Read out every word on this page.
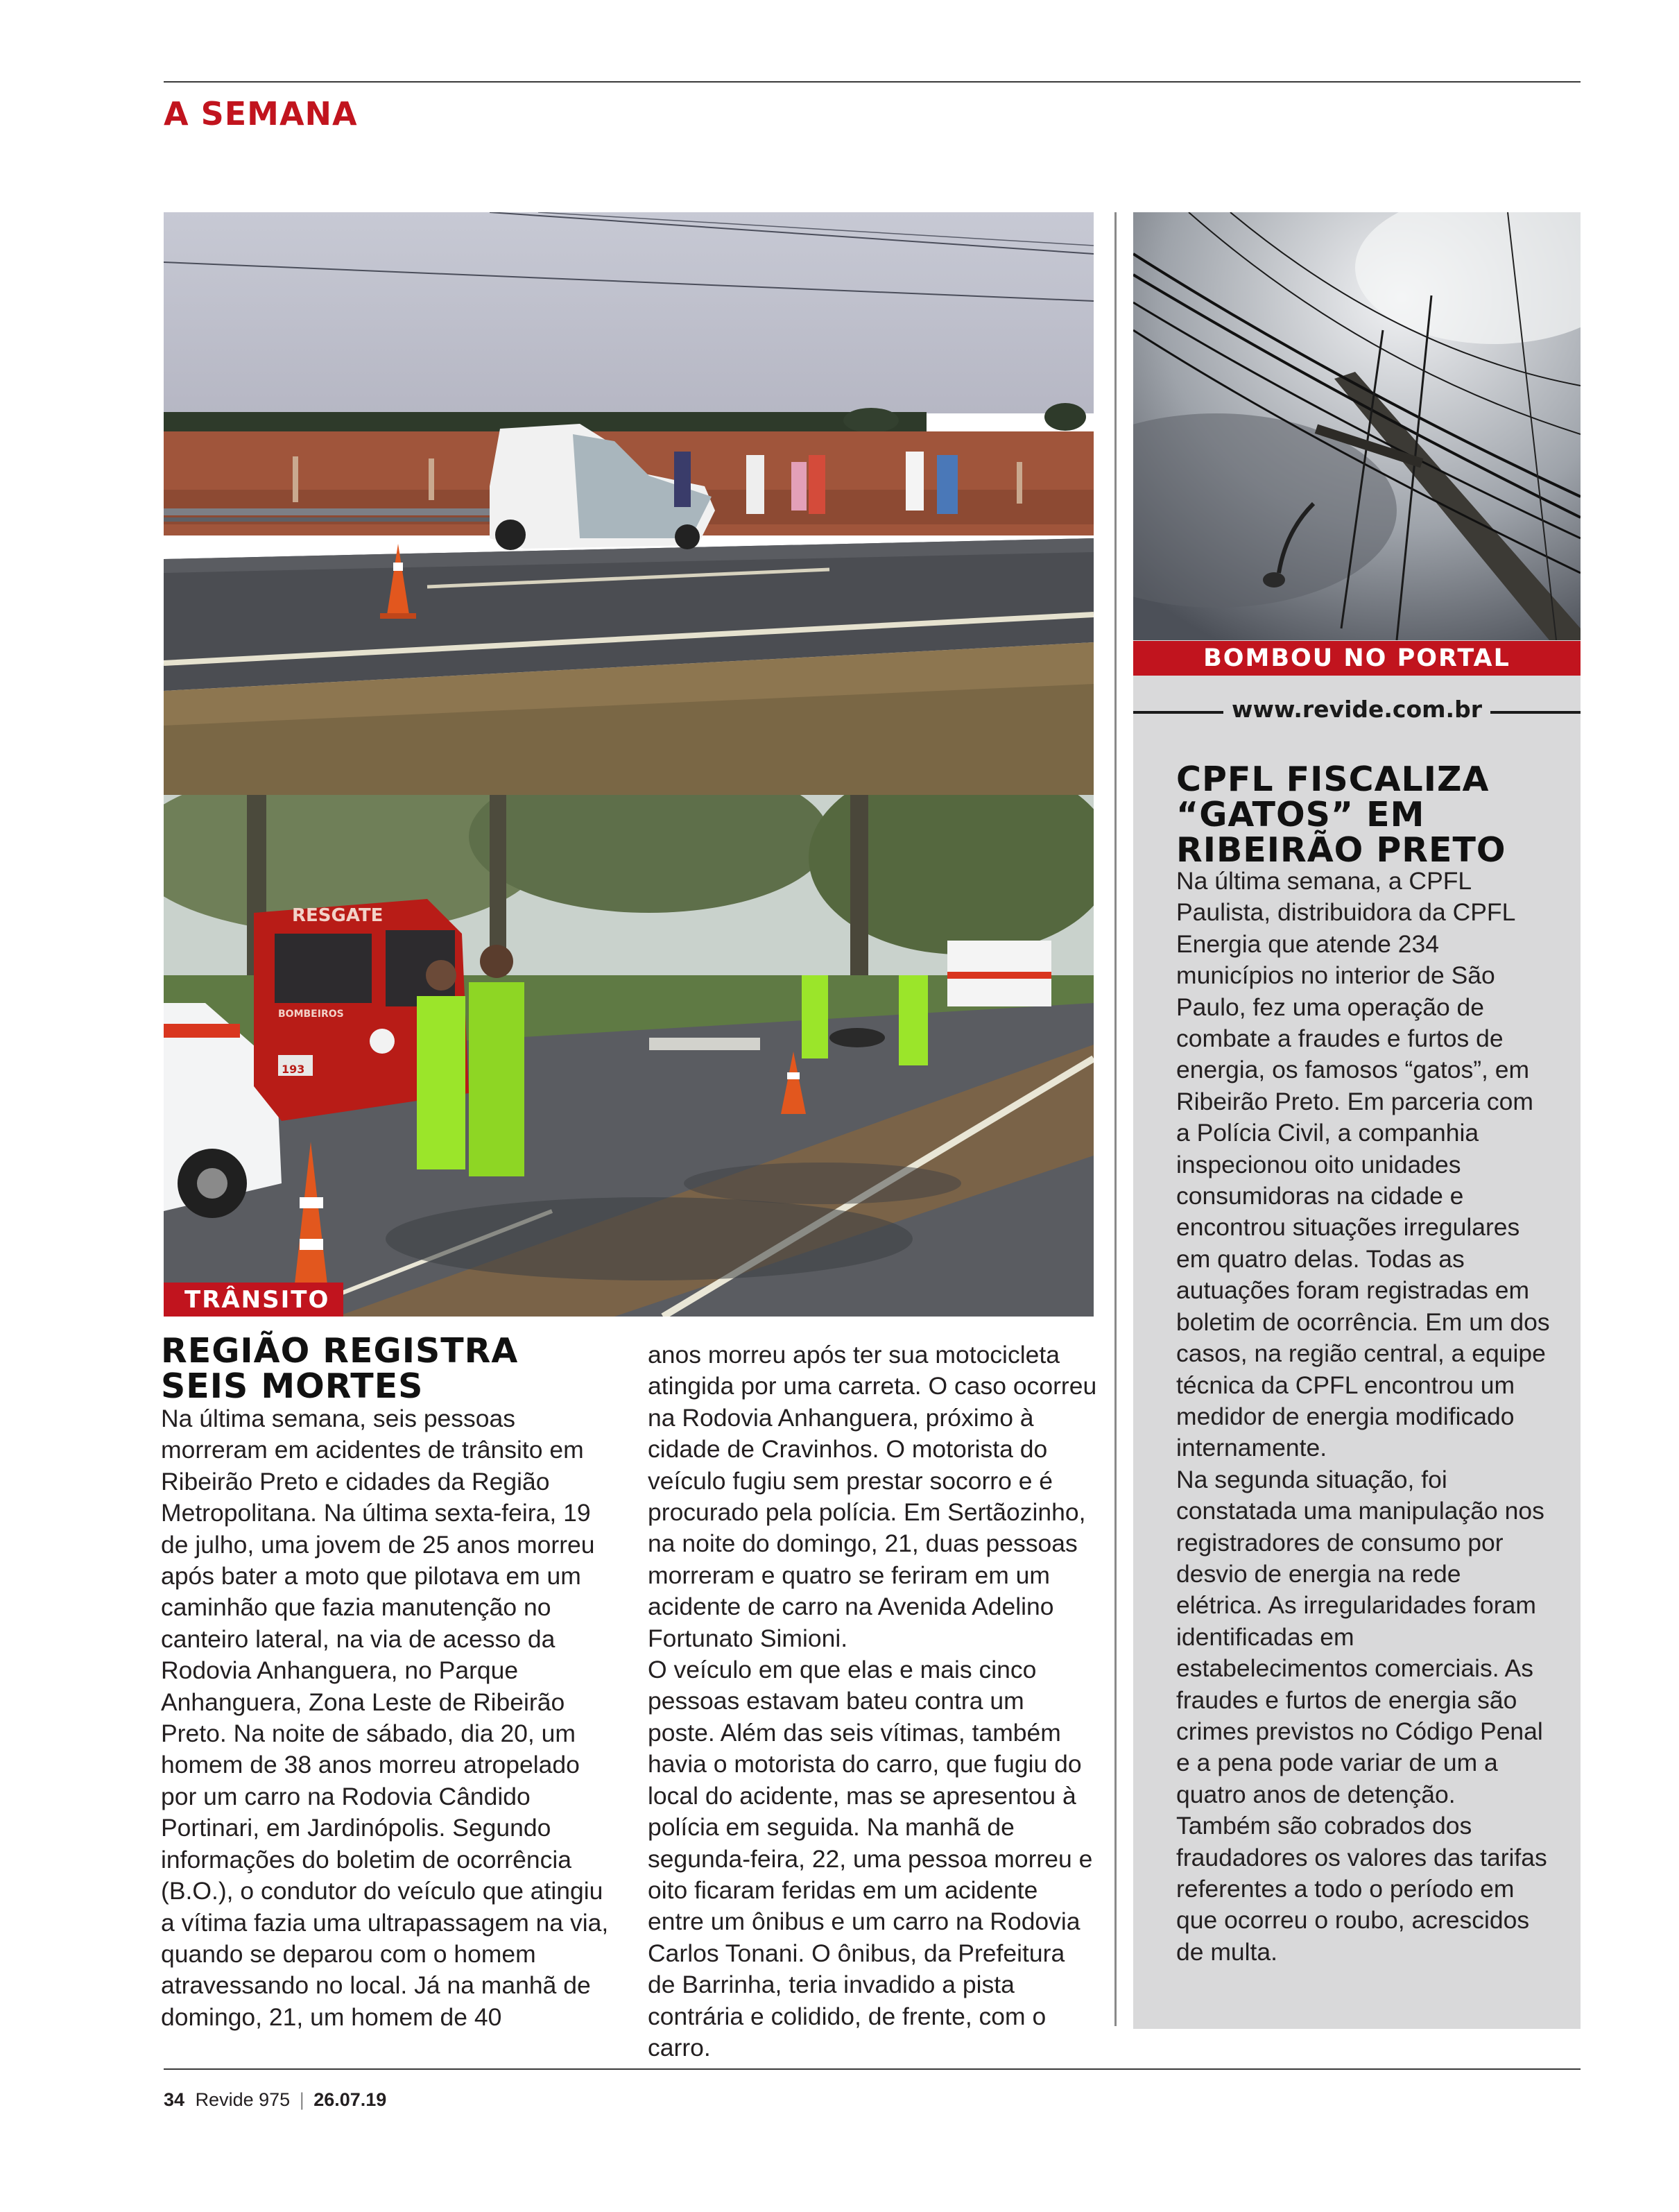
A SEMANA
RESGATE
BOMBEIROS
193
TRÂNSITO
REGIÃO REGISTRA
SEIS MORTES

Na última semana, seis pessoas morreram em acidentes de trânsito em Ribeirão Preto e cidades da Região Metropolitana. Na última sexta-feira, 19 de julho, uma jovem de 25 anos morreu após bater a moto que pilotava em um caminhão que fazia manutenção no canteiro lateral, na via de acesso da Rodovia Anhanguera, no Parque Anhanguera, Zona Leste de Ribeirão Preto. Na noite de sábado, dia 20, um homem de 38 anos morreu atropelado por um carro na Rodovia Cândido Portinari, em Jardinópolis. Segundo informações do boletim de ocorrência (B.O.), o condutor do veículo que atingiu a vítima fazia uma ultrapassagem na via, quando se deparou com o homem atravessando no local. Já na manhã de domingo, 21, um homem de 40

anos morreu após ter sua motocicleta atingida por uma carreta. O caso ocorreu na Rodovia Anhanguera, próximo à cidade de Cravinhos. O motorista do veículo fugiu sem prestar socorro e é procurado pela polícia. Em Sertãozinho, na noite do domingo, 21, duas pessoas morreram e quatro se feriram em um acidente de carro na Avenida Adelino Fortunato Simioni.

O veículo em que elas e mais cinco pessoas estavam bateu contra um poste. Além das seis vítimas, também havia o motorista do carro, que fugiu do local do acidente, mas se apresentou à polícia em seguida. Na manhã de segunda-feira, 22, uma pessoa morreu e oito ficaram feridas em um acidente entre um ônibus e um carro na Rodovia Carlos Tonani. O ônibus, da Prefeitura de Barrinha, teria invadido a pista contrária e colidido, de frente, com o carro.

BOMBOU NO PORTAL
www.revide.com.br
CPFL FISCALIZA
“GATOS” EM
RIBEIRÃO PRETO

Na última semana, a CPFL Paulista, distribuidora da CPFL Energia que atende 234 municípios no interior de São Paulo, fez uma operação de combate a fraudes e furtos de energia, os famosos “gatos”, em Ribeirão Preto. Em parceria com a Polícia Civil, a companhia inspecionou oito unidades consumidoras na cidade e encontrou situações irregulares em quatro delas. Todas as autuações foram registradas em boletim de ocorrência. Em um dos casos, na região central, a equipe técnica da CPFL encontrou um medidor de energia modificado internamente.

Na segunda situação, foi constatada uma manipulação nos registradores de consumo por desvio de energia na rede elétrica. As irregularidades foram identificadas em estabelecimentos comerciais. As fraudes e furtos de energia são crimes previstos no Código Penal e a pena pode variar de um a quatro anos de detenção. Também são cobrados dos fraudadores os valores das tarifas referentes a todo o período em que ocorreu o roubo, acrescidos de multa.

34 Revide 975 | 26.07.19
